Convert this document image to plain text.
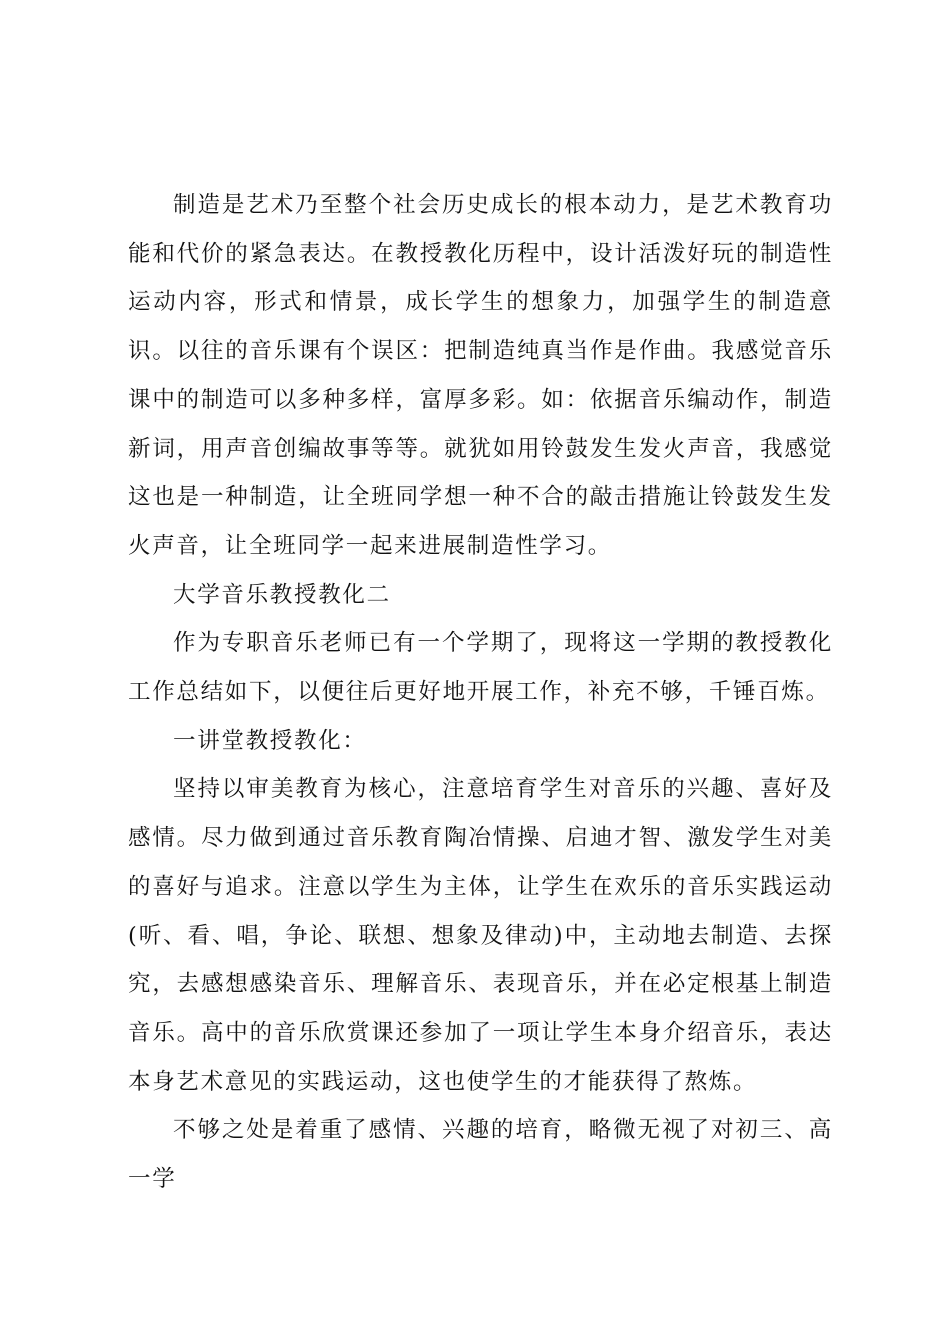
制造是艺术乃至整个社会历史成长的根本动力，是艺术教育功能和代价的紧急表达。在教授教化历程中，设计活泼好玩的制造性运动内容，形式和情景，成长学生的想象力，加强学生的制造意识。以往的音乐课有个误区：把制造纯真当作是作曲。我感觉音乐课中的制造可以多种多样，富厚多彩。如：依据音乐编动作，制造新词，用声音创编故事等等。就犹如用铃鼓发生发火声音，我感觉这也是一种制造，让全班同学想一种不合的敲击措施让铃鼓发生发火声音，让全班同学一起来进展制造性学习。

大学音乐教授教化二

作为专职音乐老师已有一个学期了，现将这一学期的教授教化工作总结如下，以便往后更好地开展工作，补充不够，千锤百炼。

一讲堂教授教化：

坚持以审美教育为核心，注意培育学生对音乐的兴趣、喜好及感情。尽力做到通过音乐教育陶冶情操、启迪才智、激发学生对美的喜好与追求。注意以学生为主体，让学生在欢乐的音乐实践运动(听、看、唱，争论、联想、想象及律动)中，主动地去制造、去探究，去感想感染音乐、理解音乐、表现音乐，并在必定根基上制造音乐。高中的音乐欣赏课还参加了一项让学生本身介绍音乐，表达本身艺术意见的实践运动，这也使学生的才能获得了熬炼。

不够之处是着重了感情、兴趣的培育，略微无视了对初三、高一学
